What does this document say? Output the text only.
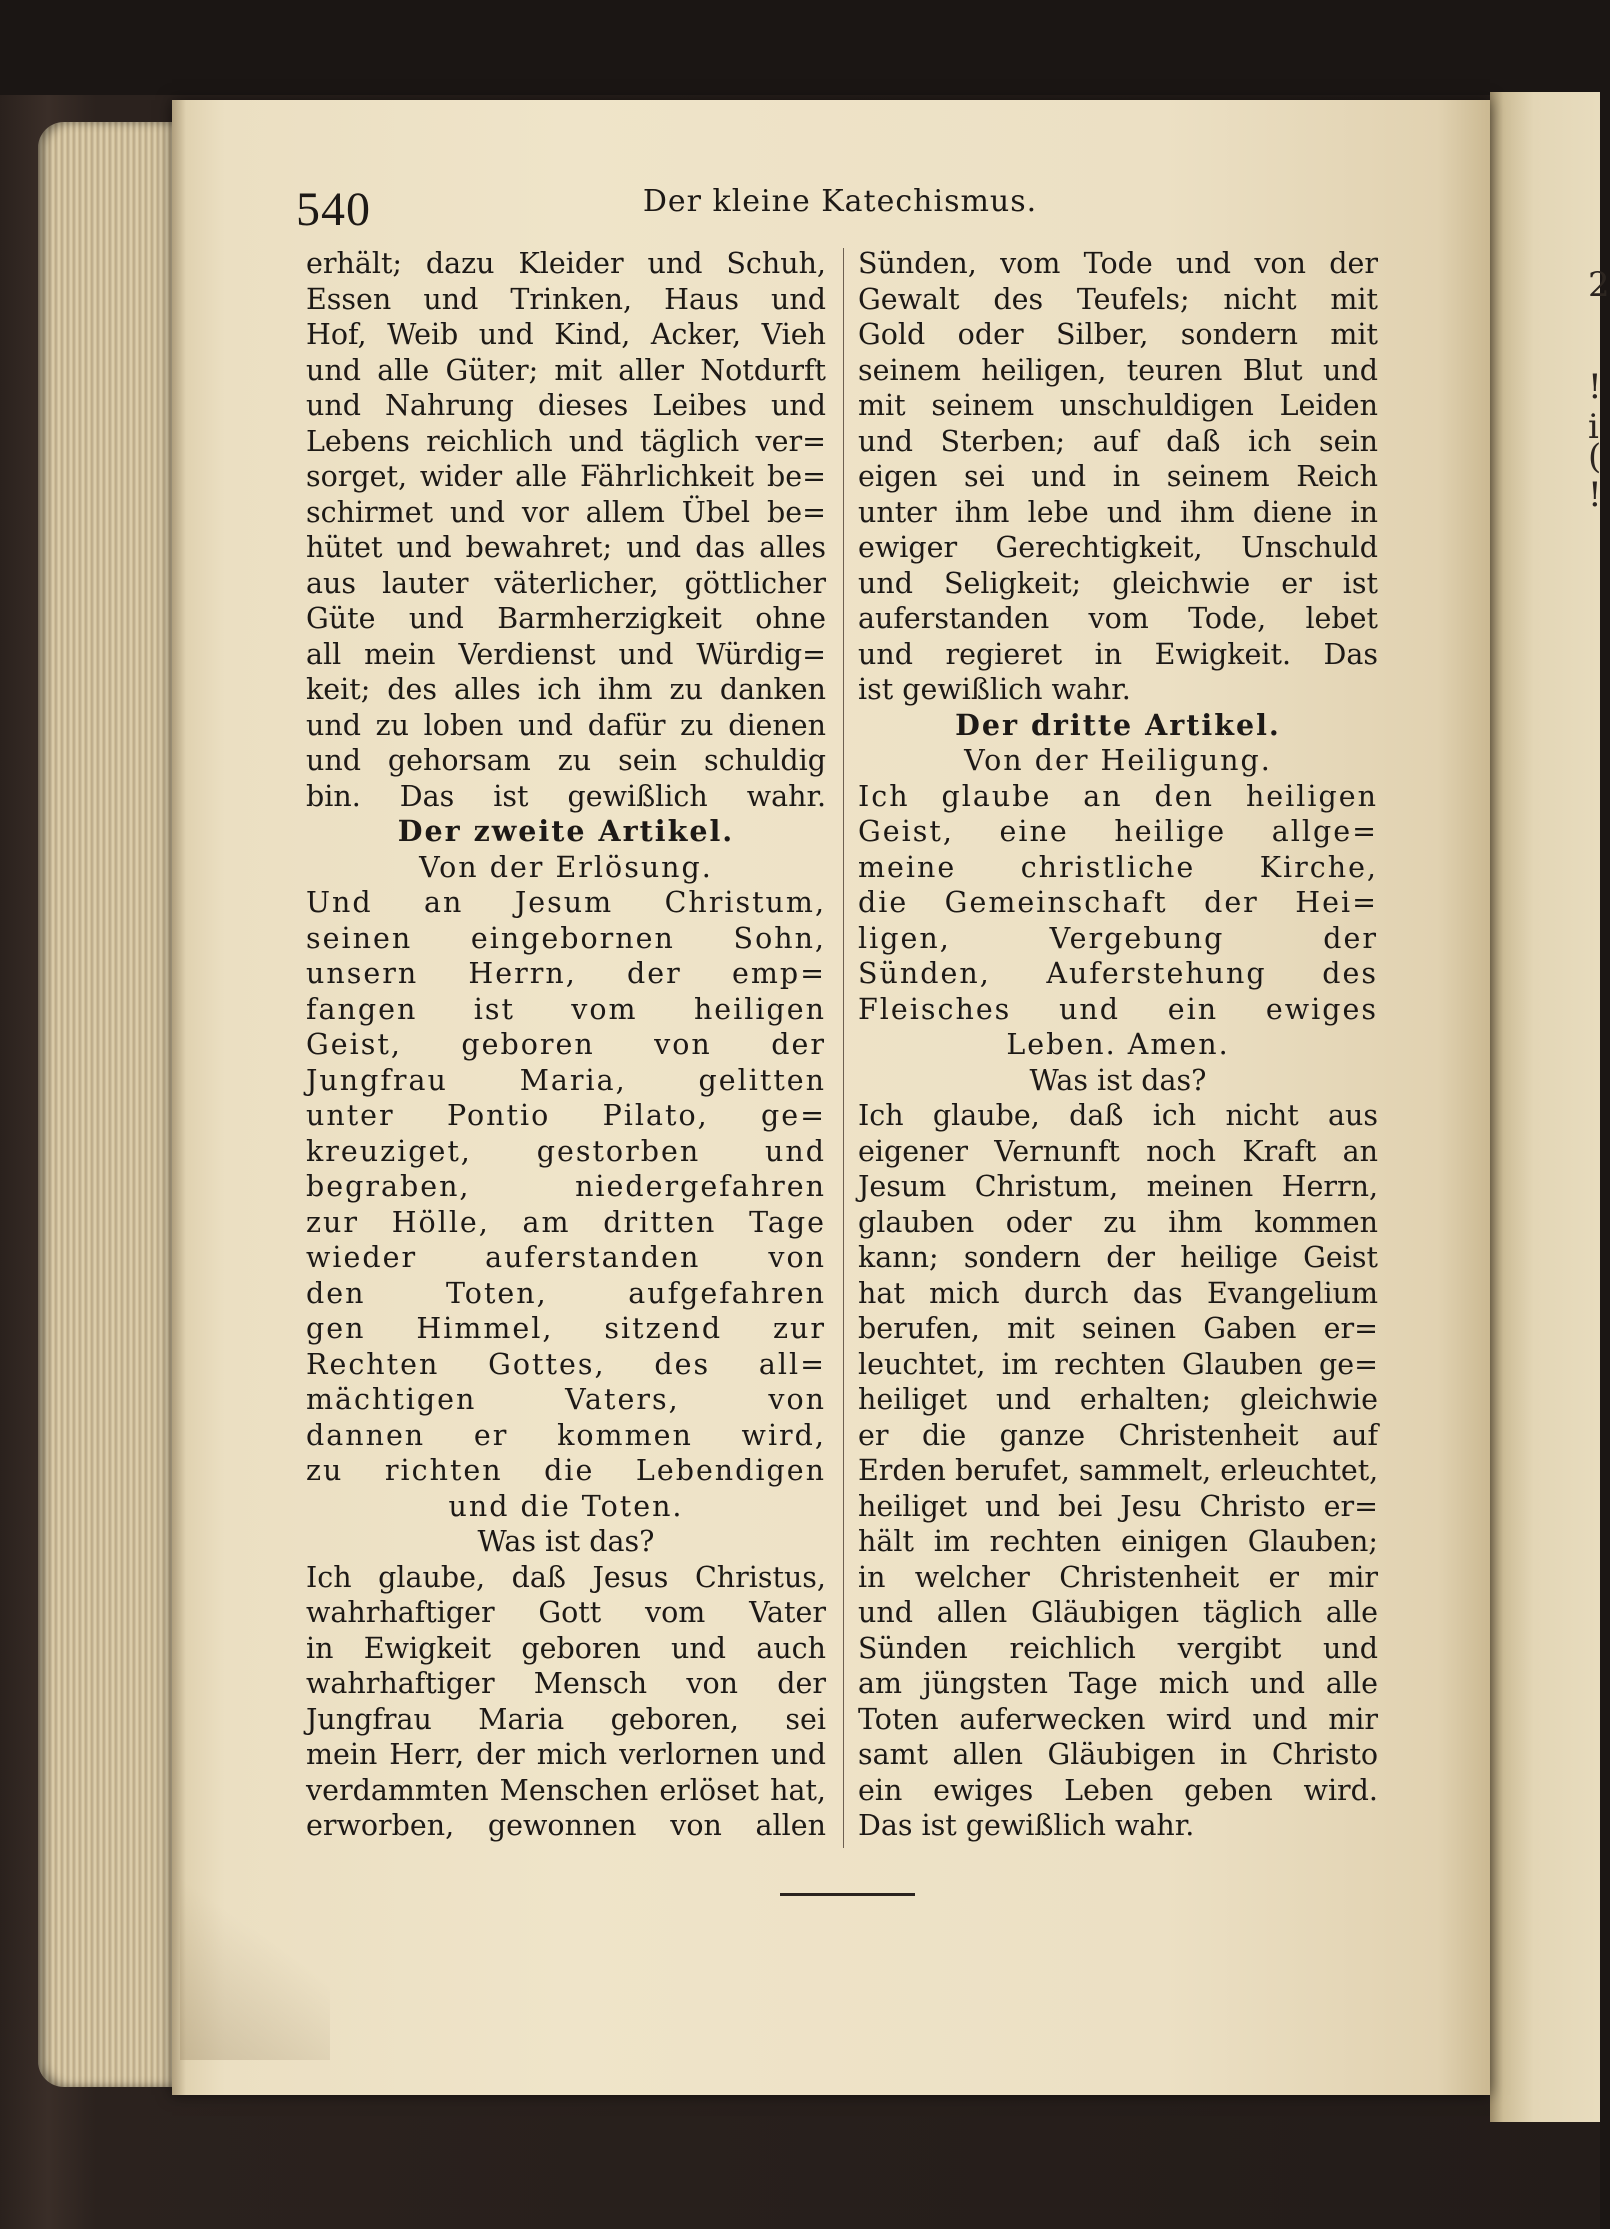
2
!
i
(
!
540	Der kleine Katechismus.
erhält; dazu Kleider und Schuh,
Essen und Trinken, Haus und
Hof, Weib und Kind, Acker, Vieh
und alle Güter; mit aller Notdurft
und Nahrung dieses Leibes und
Lebens reichlich und täglich ver=
sorget, wider alle Fährlichkeit be=
schirmet und vor allem Übel be=
hütet und bewahret; und das alles
aus lauter väterlicher, göttlicher
Güte und Barmherzigkeit ohne
all mein Verdienst und Würdig=
keit; des alles ich ihm zu danken
und zu loben und dafür zu dienen
und gehorsam zu sein schuldig
bin. Das ist gewißlich wahr.
Der zweite Artikel.
Von der Erlösung.
Und an Jesum Christum,
seinen eingebornen Sohn,
unsern Herrn, der emp=
fangen ist vom heiligen
Geist, geboren von der
Jungfrau Maria, gelitten
unter Pontio Pilato, ge=
kreuziget, gestorben und
begraben, niedergefahren
zur Hölle, am dritten Tage
wieder auferstanden von
den Toten, aufgefahren
gen Himmel, sitzend zur
Rechten Gottes, des all=
mächtigen Vaters, von
dannen er kommen wird,
zu richten die Lebendigen
und die Toten.
Was ist das?
Ich glaube, daß Jesus Christus,
wahrhaftiger Gott vom Vater
in Ewigkeit geboren und auch
wahrhaftiger Mensch von der
Jungfrau Maria geboren, sei
mein Herr, der mich verlornen und
verdammten Menschen erlöset hat,
erworben, gewonnen von allen
Sünden, vom Tode und von der
Gewalt des Teufels; nicht mit
Gold oder Silber, sondern mit
seinem heiligen, teuren Blut und
mit seinem unschuldigen Leiden
und Sterben; auf daß ich sein
eigen sei und in seinem Reich
unter ihm lebe und ihm diene in
ewiger Gerechtigkeit, Unschuld
und Seligkeit; gleichwie er ist
auferstanden vom Tode, lebet
und regieret in Ewigkeit. Das
ist gewißlich wahr.
Der dritte Artikel.
Von der Heiligung.
Ich glaube an den heiligen
Geist, eine heilige allge=
meine christliche Kirche,
die Gemeinschaft der Hei=
ligen, Vergebung der
Sünden, Auferstehung des
Fleisches und ein ewiges
Leben. Amen.
Was ist das?
Ich glaube, daß ich nicht aus
eigener Vernunft noch Kraft an
Jesum Christum, meinen Herrn,
glauben oder zu ihm kommen
kann; sondern der heilige Geist
hat mich durch das Evangelium
berufen, mit seinen Gaben er=
leuchtet, im rechten Glauben ge=
heiliget und erhalten; gleichwie
er die ganze Christenheit auf
Erden berufet, sammelt, erleuchtet,
heiliget und bei Jesu Christo er=
hält im rechten einigen Glauben;
in welcher Christenheit er mir
und allen Gläubigen täglich alle
Sünden reichlich vergibt und
am jüngsten Tage mich und alle
Toten auferwecken wird und mir
samt allen Gläubigen in Christo
ein ewiges Leben geben wird.
Das ist gewißlich wahr.
